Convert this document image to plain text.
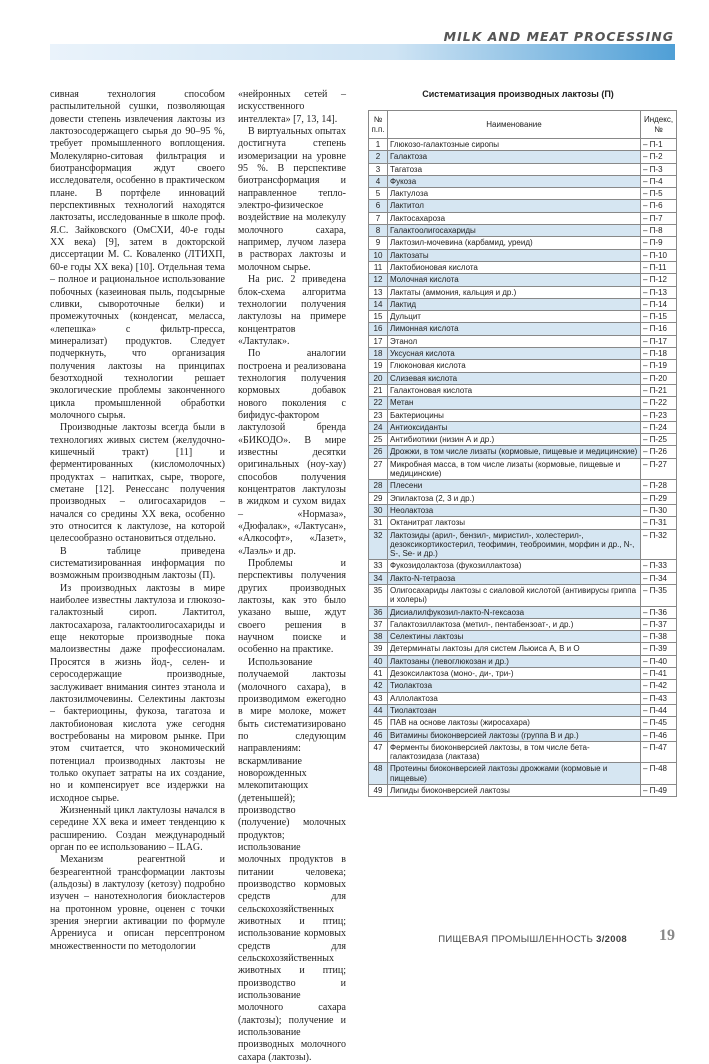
MILK AND MEAT PROCESSING

сивная технология способом распылительной сушки, позволяющая довести степень извлечения лактозы из лактозосодержащего сырья до 90–95 %, требует промышленного воплощения. Молекулярно-ситовая фильтрация и биотрансформация ждут своего исследователя, особенно в практическом плане. В портфеле инноваций перспективных технологий находятся лактозаты, исследованные в школе проф. Я.С. Зайковского (ОмСХИ, 40-е годы XX века) [9], затем в докторской диссертации М. С. Коваленко (ЛТИХП, 60-е годы XX века) [10]. Отдельная тема – полное и рациональное использование побочных (казеиновая пыль, подсырные сливки, сывороточные белки) и промежуточных (конденсат, меласса, «лепешка» с фильтр-пресса, минерализат) продуктов. Следует подчеркнуть, что организация получения лактозы на принципах безотходной технологии решает экологические проблемы законченного цикла промышленной обработки молочного сырья.

Производные лактозы всегда были в технологиях живых систем (желудочно-кишечный тракт) [11] и ферментированных (кисломолочных) продуктах – напитках, сыре, твороге, сметане [12]. Ренессанс получения производных – олигосахаридов – начался со средины XX века, особенно это относится к лактулозе, на которой целесообразно остановиться отдельно.

В таблице приведена систематизированная информация по возможным производным лактозы (П).

Из производных лактозы в мире наиболее известны лактулоза и глюкозо-галактозный сироп. Лактитол, лактосахароза, галактоолигосахариды и еще некоторые производные пока малоизвестны даже профессионалам. Просятся в жизнь йод-, селен- и серосодержащие производные, заслуживает внимания синтез этанола и лактозилмочевины. Селектины лактозы – бактериоцины, фукоза, тагатоза и лактобионовая кислота уже сегодня востребованы на мировом рынке. При этом считается, что экономический потенциал производных лактозы не только окупает затраты на их создание, но и компенсирует все издержки на исходное сырье.

Жизненный цикл лактулозы начался в середине XX века и имеет тенденцию к расширению. Создан международный орган по ее использованию – ILAG.

Механизм реагентной и безреагентной трансформации лактозы (альдозы) в лактулозу (кетозу) подробно изучен – нанотехнология биокластеров на протонном уровне, оценен с точки зрения энергии активации по формуле Аррениуса и описан персептроном множественности по методологии

«нейронных сетей – искусственного интеллекта» [7, 13, 14].

В виртуальных опытах достигнута степень изомеризации на уровне 95 %. В перспективе биотрансформация и направленное тепло-электро-физическое воздействие на молекулу молочного сахара, например, лучом лазера в растворах лактозы и молочном сырье.

На рис. 2 приведена блок-схема алгоритма технологии получения лактулозы на примере концентратов «Лактулак».

По аналогии построена и реализована технология получения кормовых добавок нового поколения с бифидус-фактором лактулозой бренда «БИКОДО». В мире известны десятки оригинальных (ноу-хау) способов получения концентратов лактулозы в жидком и сухом видах – «Нормаза», «Дюфалак», «Лактусан», «Алкософт», «Лазет», «Лаэль» и др.

Проблемы и перспективы получения других производных лактозы, как это было указано выше, ждут своего решения в научном поиске и особенно на практике.

Использование получаемой лактозы (молочного сахара), в производимом ежегодно в мире молоке, может быть систематизировано по следующим направлениям: вскармливание новорожденных млекопитающих (детенышей); производство (получение) молочных продуктов; использование молочных продуктов в питании человека; производство кормовых средств для сельскохозяйственных животных и птиц; использование кормовых средств для сельскохозяйственных животных и птиц; производство и использование молочного сахара (лактозы); получение и использование производных молочного сахара (лактозы).

Систематизация производных лактозы (П)
№ п.п.	Наименование	Индекс, №
1	Глюкозо-галактозные сиропы	– П-1
2	Галактоза	– П-2
3	Тагатоза	– П-3
4	Фукоза	– П-4
5	Лактулоза	– П-5
6	Лактитол	– П-6
7	Лактосахароза	– П-7
8	Галактоолигосахариды	– П-8
9	Лактозил-мочевина (карбамид, уреид)	– П-9
10	Лактозаты	– П-10
11	Лактобионовая кислота	– П-11
12	Молочная кислота	– П-12
13	Лактаты (аммония, кальция и др.)	– П-13
14	Лактид	– П-14
15	Дульцит	– П-15
16	Лимонная кислота	– П-16
17	Этанол	– П-17
18	Уксусная кислота	– П-18
19	Глюконовая кислота	– П-19
20	Слизевая кислота	– П-20
21	Галактоновая кислота	– П-21
22	Метан	– П-22
23	Бактериоцины	– П-23
24	Антиоксиданты	– П-24
25	Антибиотики (низин А и др.)	– П-25
26	Дрожжи, в том числе лизаты (кормовые, пищевые и медицинские)	– П-26
27	Микробная масса, в том числе лизаты (кормовые, пищевые и медицинские)	– П-27
28	Плесени	– П-28
29	Эпилактоза (2, 3 и др.)	– П-29
30	Неолактоза	– П-30
31	Октанитрат лактозы	– П-31
32	Лактозиды (арил-, бензил-, миристил-, холестерил-, дезоксикортикостерил, теофимин, теоброимин, морфин и др., N-, S-, Se- и др.)	– П-32
33	Фукозидолактоза (фукозиллактоза)	– П-33
34	Лакто-N-тетраоза	– П-34
35	Олигосахариды лактозы с сиаловой кислотой (антивирусы гриппа и холеры)	– П-35
36	Дисиалилфукозил-лакто-N-гексаоза	– П-36
37	Галактозиллактоза (метил-, пентабензоат-, и др.)	– П-37
38	Селектины лактозы	– П-38
39	Детерминаты лактозы для систем Льюиса А, В и О	– П-39
40	Лактозаны (левоглюкозан и др.)	– П-40
41	Дезоксилактоза (моно-, ди-, три-)	– П-41
42	Тиолактоза	– П-42
43	Аллолактоза	– П-43
44	Тиолактозан	– П-44
45	ПАВ на основе лактозы (жиросахара)	– П-45
46	Витамины биоконверсией лактозы (группа В и др.)	– П-46
47	Ферменты биоконверсией лактозы, в том числе бета-галактозидаза (лактаза)	– П-47
48	Протеины биоконверсией лактозы дрожжами (кормовые и пищевые)	– П-48
49	Липиды биоконверсией лактозы	– П-49
ПИЩЕВАЯ ПРОМЫШЛЕННОСТЬ 3/2008 19
